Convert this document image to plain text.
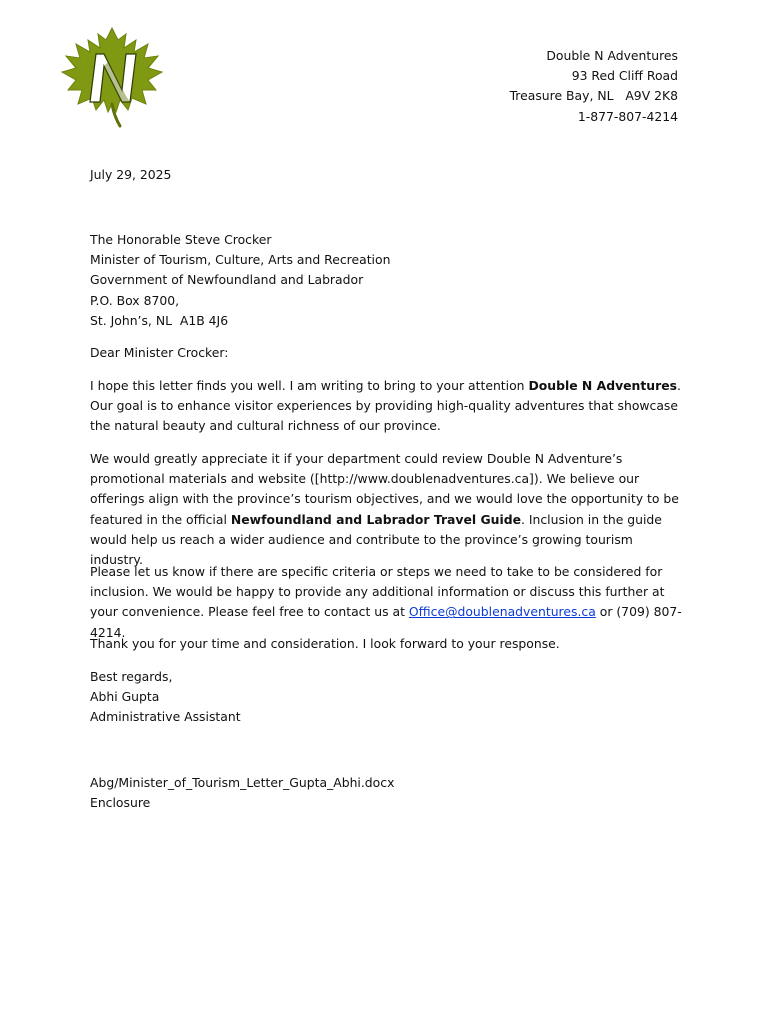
Double N Adventures
93 Red Cliff Road
Treasure Bay, NL   A9V 2K8
1-877-807-4214
July 29, 2025
The Honorable Steve Crocker
Minister of Tourism, Culture, Arts and Recreation
Government of Newfoundland and Labrador
P.O. Box 8700,
St. John’s, NL  A1B 4J6
Dear Minister Crocker:
I hope this letter finds you well. I am writing to bring to your attention Double N Adventures. Our goal is to enhance visitor experiences by providing high-quality adventures that showcase the natural beauty and cultural richness of our province.
We would greatly appreciate it if your department could review Double N Adventure’s promotional materials and website ([http://www.doublenadventures.ca]). We believe our offerings align with the province’s tourism objectives, and we would love the opportunity to be featured in the official Newfoundland and Labrador Travel Guide. Inclusion in the guide would help us reach a wider audience and contribute to the province’s growing tourism industry.
Please let us know if there are specific criteria or steps we need to take to be considered for inclusion. We would be happy to provide any additional information or discuss this further at your convenience. Please feel free to contact us at Office@doublenadventures.ca or (709) 807-4214.
Thank you for your time and consideration. I look forward to your response.
Best regards,
Abhi Gupta
Administrative Assistant
Abg/Minister_of_Tourism_Letter_Gupta_Abhi.docx
Enclosure
